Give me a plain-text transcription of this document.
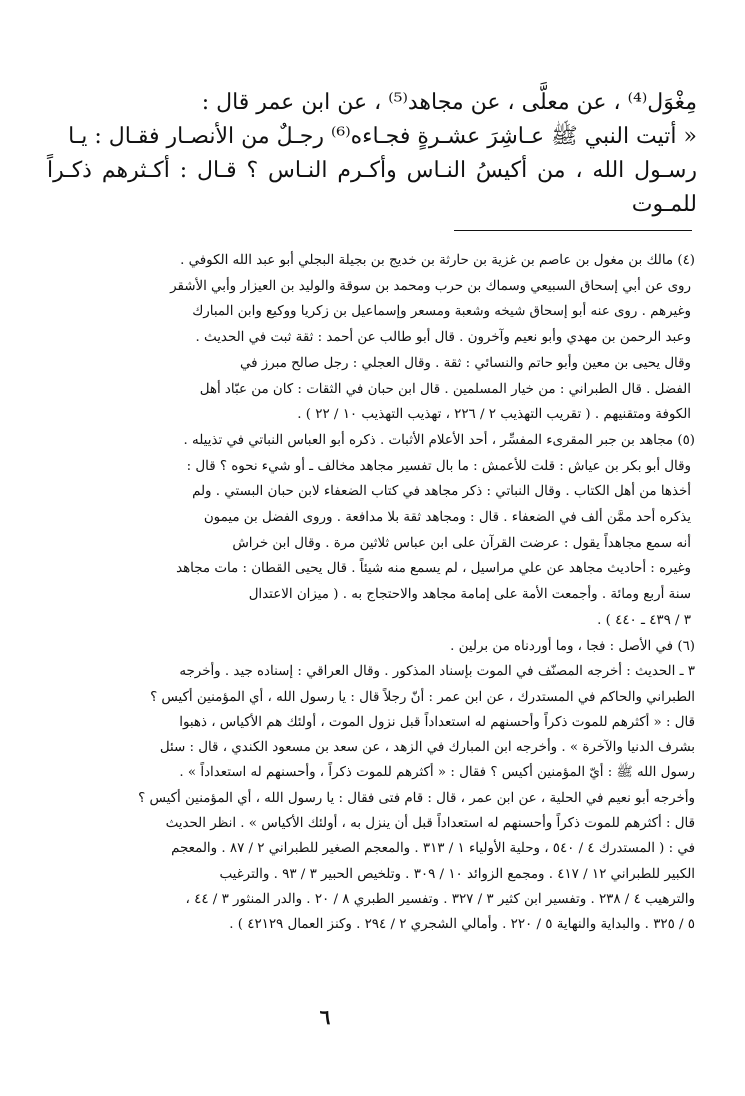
مِغْوَل⁽⁴⁾ ، عن معلَّى ، عن مجاهد⁽⁵⁾ ، عن ابن عمر قال :

« أتيت النبي ﷺ عـاشِرَ عشـرةٍ فجـاءه⁽⁶⁾ رجـلٌ من الأنصـار فقـال : يـا

رسـول الله ، من أكيسُ النـاس وأكـرم النـاس ؟ قـال : أكـثرهم ذكـراً للمـوت

(٤) مالك بن مغول بن عاصم بن غزية بن حارثة بن خديج بن بجيلة البجلي أبو عبد الله الكوفي .

روى عن أبي إسحاق السبيعي وسماك بن حرب ومحمد بن سوقة والوليد بن العيزار وأبي الأشقر

وغيرهم . روى عنه أبو إسحاق شيخه وشعبة ومسعر وإسماعيل بن زكريا ووكيع وابن المبارك

وعبد الرحمن بن مهدي وأبو نعيم وآخرون . قال أبو طالب عن أحمد : ثقة ثبت في الحديث .

وقال يحيى بن معين وأبو حاتم والنسائي : ثقة . وقال العجلي : رجل صالح مبرز في

الفضل . قال الطبراني : من خيار المسلمين . قال ابن حبان في الثقات : كان من عبّاد أهل

الكوفة ومتقنيهم . ( تقريب التهذيب ٢ / ٢٢٦ ، تهذيب التهذيب ١٠ / ٢٢ ) .

(٥) مجاهد بن جبر المقرىء المفسِّر ، أحد الأعلام الأثبات . ذكره أبو العباس النباتي في تذييله .

وقال أبو بكر بن عياش : قلت للأعمش : ما بال تفسير مجاهد مخالف ـ أو شيء نحوه ؟ قال :

أخذها من أهل الكتاب . وقال النباتي : ذكر مجاهد في كتاب الضعفاء لابن حبان البستي . ولم

يذكره أحد ممَّن ألف في الضعفاء . قال : ومجاهد ثقة بلا مدافعة . وروى الفضل بن ميمون

أنه سمع مجاهداً يقول : عرضت القرآن على ابن عباس ثلاثين مرة . وقال ابن خراش

وغيره : أحاديث مجاهد عن علي مراسيل ، لم يسمع منه شيئاً . قال يحيى القطان : مات مجاهد

سنة أربع ومائة . وأجمعت الأمة على إمامة مجاهد والاحتجاج به . ( ميزان الاعتدال

٣ / ٤٣٩ ـ ٤٤٠ ) .

(٦) في الأصل : فجا ، وما أوردناه من برلين .

٣ ـ الحديث : أخرجه المصنّف في الموت بإسناد المذكور . وقال العراقي : إسناده جيد . وأخرجه

الطبراني والحاكم في المستدرك ، عن ابن عمر : أنّ رجلاً قال : يا رسول الله ، أي المؤمنين أكيس ؟

قال : « أكثرهم للموت ذكراً وأحسنهم له استعداداً قبل نزول الموت ، أولئك هم الأكياس ، ذهبوا

بشرف الدنيا والآخرة » . وأخرجه ابن المبارك في الزهد ، عن سعد بن مسعود الكندي ، قال : سئل

رسول الله ﷺ : أيّ المؤمنين أكيس ؟ فقال : « أكثرهم للموت ذكراً ، وأحسنهم له استعداداً » .

وأخرجه أبو نعيم في الحلية ، عن ابن عمر ، قال : قام فتى فقال : يا رسول الله ، أي المؤمنين أكيس ؟

قال : أكثرهم للموت ذكراً وأحسنهم له استعداداً قبل أن ينزل به ، أولئك الأكياس » . انظر الحديث

في : ( المستدرك ٤ / ٥٤٠ ، وحلية الأولياء ١ / ٣١٣ . والمعجم الصغير للطبراني ٢ / ٨٧ . والمعجم

الكبير للطبراني ١٢ / ٤١٧ . ومجمع الزوائد ١٠ / ٣٠٩ . وتلخيص الحبير ٣ / ٩٣ . والترغيب

والترهيب ٤ / ٢٣٨ . وتفسير ابن كثير ٣ / ٣٢٧ . وتفسير الطبري ٨ / ٢٠ . والدر المنثور ٣ / ٤٤ ،

٥ / ٣٢٥ . والبداية والنهاية ٥ / ٢٢٠ . وأمالي الشجري ٢ / ٢٩٤ . وكنز العمال ٤٢١٢٩ ) .

٦
